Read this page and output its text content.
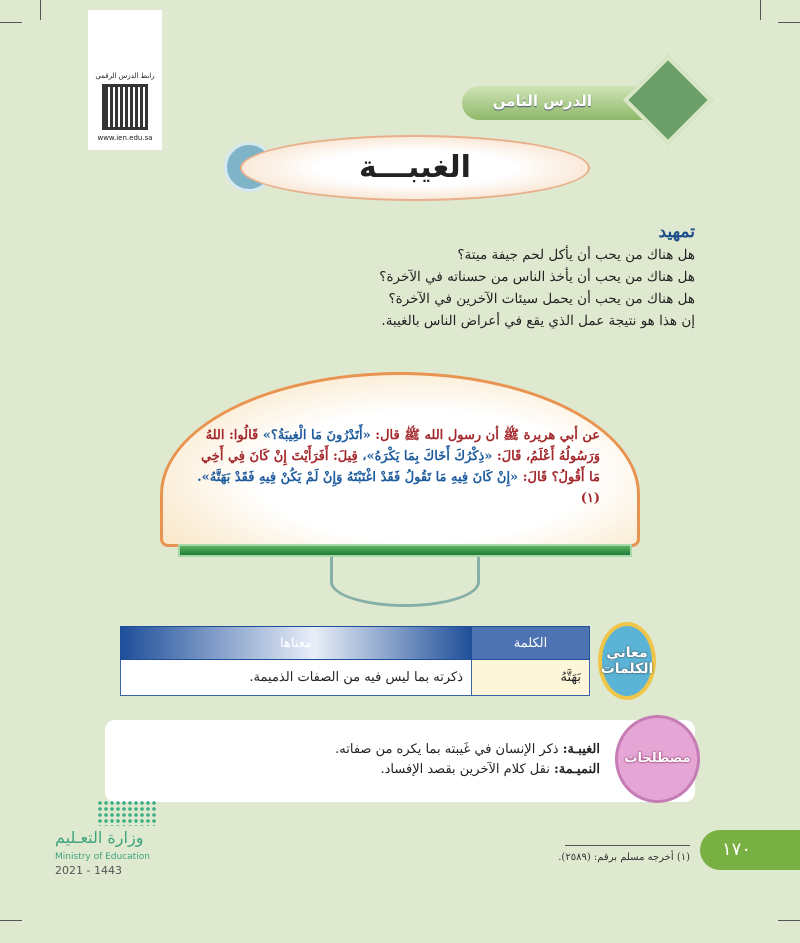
رابط الدرس الرقمي
www.ien.edu.sa
الدرس الثامن
الغيبـــة
تمهيد

هل هناك من يحب أن يأكل لحم جيفة ميتة؟

هل هناك من يحب أن يأخذ الناس من حسناته في الآخرة؟

هل هناك من يحب أن يحمل سيئات الآخرين في الآخرة؟

إن هذا هو نتيجة عمل الذي يقع في أعراض الناس بالغيبة.

عن أبي هريرة ﷺ أن رسول الله ﷺ قال: «أَتَدْرُونَ مَا الْغِيبَةُ؟» قَالُوا: اللهُ وَرَسُولُهُ أَعْلَمُ، قَالَ: «ذِكْرُكَ أَخَاكَ بِمَا يَكْرَهُ»، قِيلَ: أَفَرَأَيْتَ إِنْ كَانَ فِي أَخِي مَا أَقُولُ؟ قَالَ: «إِنْ كَانَ فِيهِ مَا تَقُولُ فَقَدْ اغْتَبْتَهُ وَإِنْ لَمْ يَكُنْ فِيهِ فَقَدْ بَهَتَّهُ». (١)
معاني الكلمات
الكلمة	معناها
بَهَتَّهُ	ذكرته بما ليس فيه من الصفات الذميمة.
الغيبـة: ذكر الإنسان في غَيبته بما يكره من صفاته.
النميـمة: نقل كلام الآخرين بقصد الإفساد.
مصطلحات
وزارة التعـليم
Ministry of Education
2021 - 1443
(١) أخرجه مسلم برقم: (٢٥٨٩).	١٧٠
